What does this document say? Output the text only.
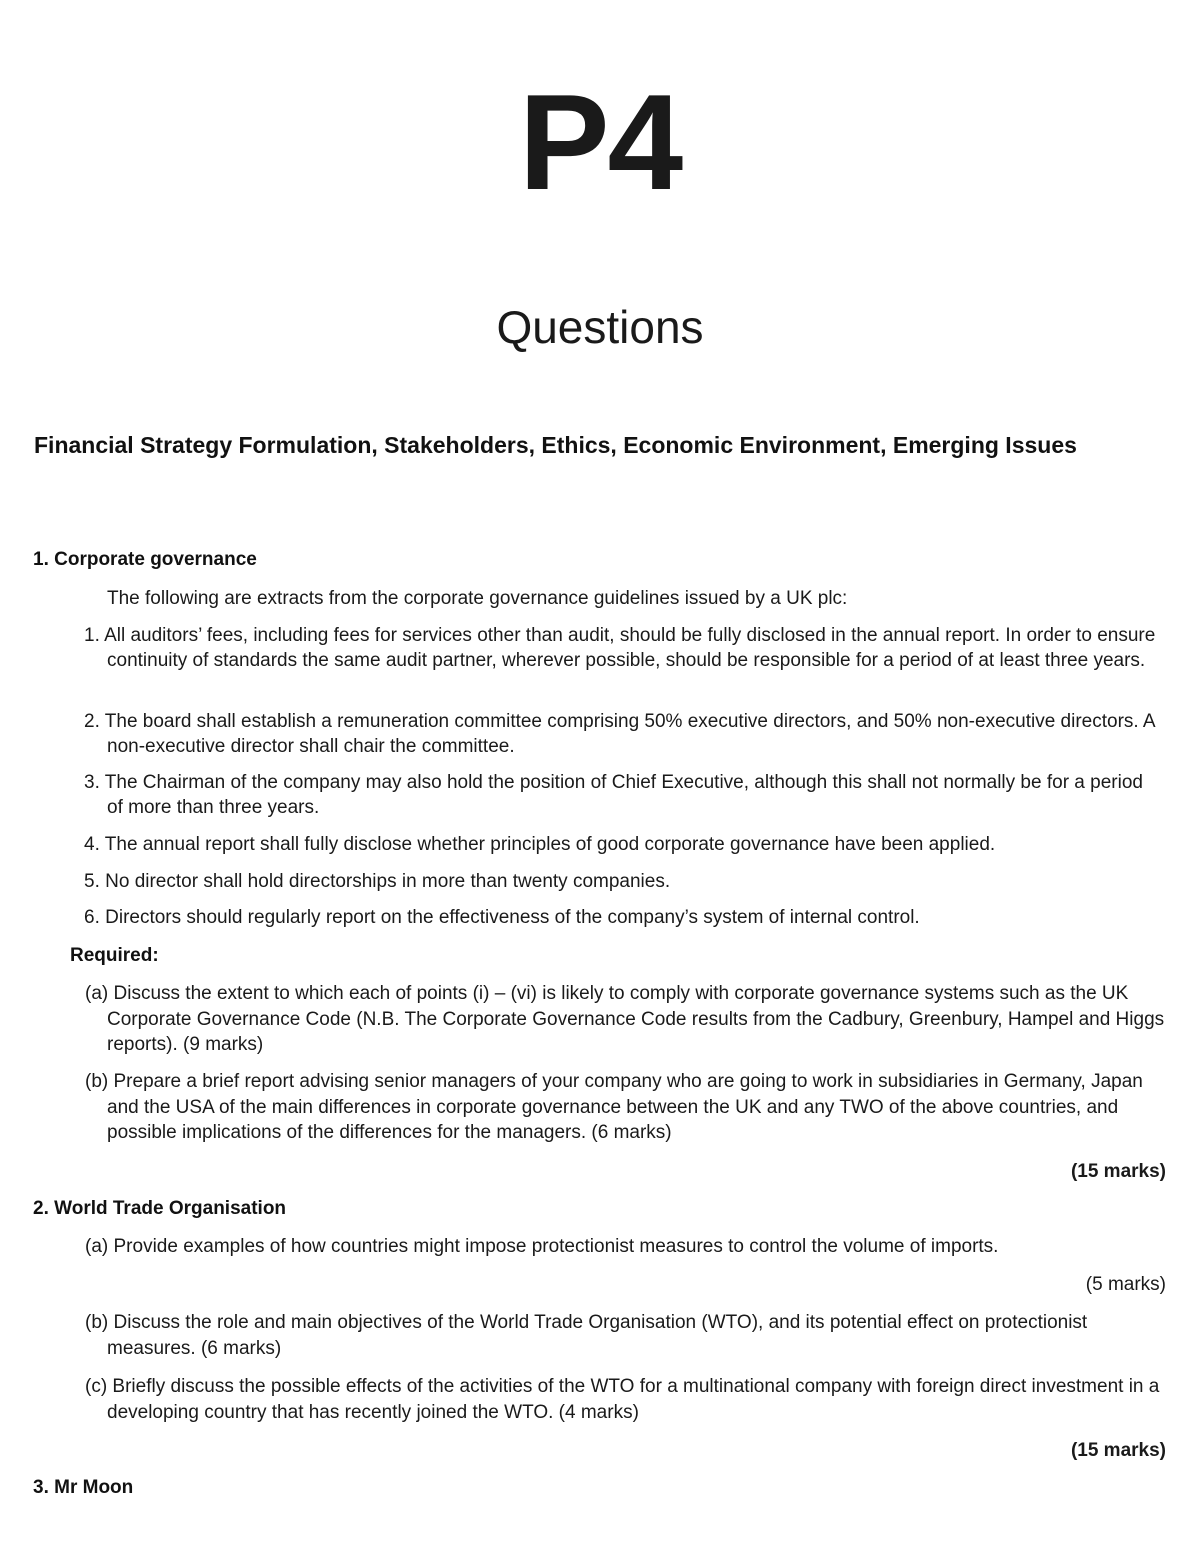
P4
Questions
Financial Strategy Formulation, Stakeholders, Ethics, Economic Environment, Emerging Issues
1. Corporate governance
The following are extracts from the corporate governance guidelines issued by a UK plc:
1. All auditors’ fees, including fees for services other than audit, should be fully disclosed in the annual report. In order to ensure continuity of standards the same audit partner, wherever possible, should be responsible for a period of at least three years.
2. The board shall establish a remuneration committee comprising 50% executive directors, and 50% non-executive directors. A non-executive director shall chair the committee.
3. The Chairman of the company may also hold the position of Chief Executive, although this shall not normally be for a period of more than three years.
4. The annual report shall fully disclose whether principles of good corporate governance have been applied.
5. No director shall hold directorships in more than twenty companies.
6. Directors should regularly report on the effectiveness of the company’s system of internal control.
Required:
(a) Discuss the extent to which each of points (i) – (vi) is likely to comply with corporate governance systems such as the UK Corporate Governance Code (N.B. The Corporate Governance Code results from the Cadbury, Greenbury, Hampel and Higgs reports). (9 marks)
(b) Prepare a brief report advising senior managers of your company who are going to work in subsidiaries in Germany, Japan and the USA of the main differences in corporate governance between the UK and any TWO of the above countries, and possible implications of the differences for the managers. (6 marks)
(15 marks)
2. World Trade Organisation
(a) Provide examples of how countries might impose protectionist measures to control the volume of imports.
(5 marks)
(b) Discuss the role and main objectives of the World Trade Organisation (WTO), and its potential effect on protectionist measures. (6 marks)
(c) Briefly discuss the possible effects of the activities of the WTO for a multinational company with foreign direct investment in a developing country that has recently joined the WTO. (4 marks)
(15 marks)
3. Mr Moon
